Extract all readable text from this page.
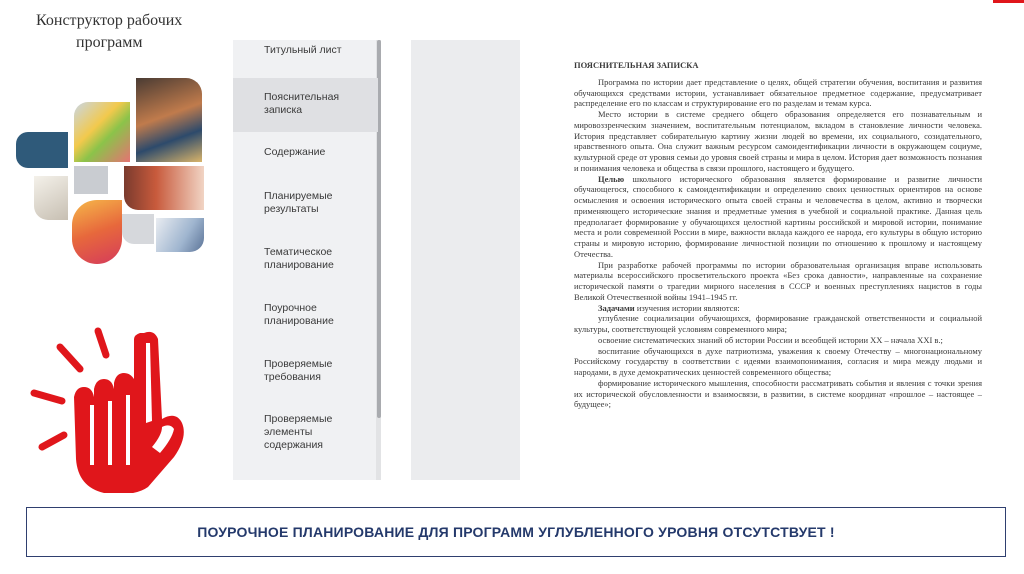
Конструктор рабочих

программ	Титульный лист
Пояснительная записка
Содержание
Планируемые результаты
Тематическое планирование
Поурочное планирование
Проверяемые требования
Проверяемые элементы содержания
ПОЯСНИТЕЛЬНАЯ ЗАПИСКА

Программа по истории дает представление о целях, общей стратегии обучения, воспитания и развития обучающихся средствами истории, устанавливает обязательное предметное содержание, предусматривает распределение его по классам и структурирование его по разделам и темам курса.

Место истории в системе среднего общего образования определяется его познавательным и мировоззренческим значением, воспитательным потенциалом, вкладом в становление личности человека. История представляет собирательную картину жизни людей во времени, их социального, созидательного, нравственного опыта. Она служит важным ресурсом самоидентификации личности в окружающем социуме, культурной среде от уровня семьи до уровня своей страны и мира в целом. История дает возможность познания и понимания человека и общества в связи прошлого, настоящего и будущего.

Целью школьного исторического образования является формирование и развитие личности обучающегося, способного к самоидентификации и определению своих ценностных ориентиров на основе осмысления и освоения исторического опыта своей страны и человечества в целом, активно и творчески применяющего исторические знания и предметные умения в учебной и социальной практике. Данная цель предполагает формирование у обучающихся целостной картины российской и мировой истории, понимание места и роли современной России в мире, важности вклада каждого ее народа, его культуры в общую историю страны и мировую историю, формирование личностной позиции по отношению к прошлому и настоящему Отечества.

При разработке рабочей программы по истории образовательная организация вправе использовать материалы всероссийского просветительского проекта «Без срока давности», направленные на сохранение исторической памяти о трагедии мирного населения в СССР и военных преступлениях нацистов в годы Великой Отечественной войны 1941–1945 гг.

Задачами изучения истории являются:

углубление социализации обучающихся, формирование гражданской ответственности и социальной культуры, соответствующей условиям современного мира;

освоение систематических знаний об истории России и всеобщей истории XX – начала XXI в.;

воспитание обучающихся в духе патриотизма, уважения к своему Отечеству – многонациональному Российскому государству в соответствии с идеями взаимопонимания, согласия и мира между людьми и народами, в духе демократических ценностей современного общества;

формирование исторического мышления, способности рассматривать события и явления с точки зрения их исторической обусловленности и взаимосвязи, в развитии, в системе координат «прошлое – настоящее – будущее»;

ПОУРОЧНОЕ ПЛАНИРОВАНИЕ ДЛЯ ПРОГРАММ УГЛУБЛЕННОГО УРОВНЯ ОТСУТСТВУЕТ !
